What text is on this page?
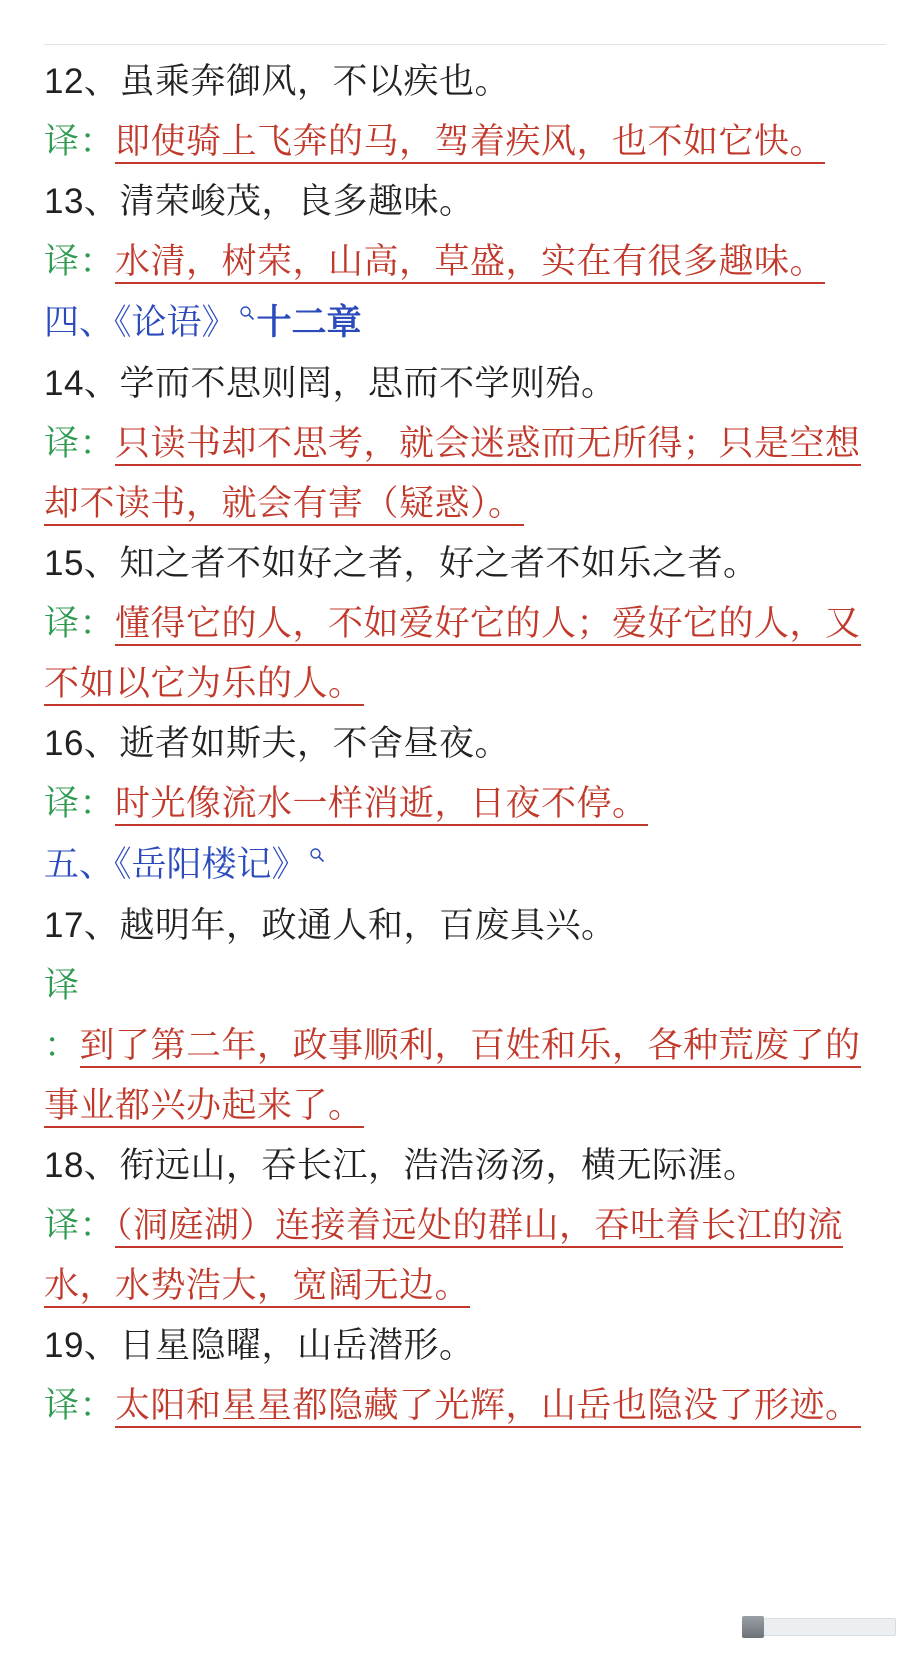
12、虽乘奔御风，不以疾也。
译：即使骑上飞奔的马，驾着疾风，也不如它快。
13、清荣峻茂，良多趣味。
译：水清，树荣，山高，草盛，实在有很多趣味。
四、《论语》 十二章
14、学而不思则罔，思而不学则殆。
译：只读书却不思考，就会迷惑而无所得；只是空想却不读书，就会有害（疑惑）。
15、知之者不如好之者，好之者不如乐之者。
译：懂得它的人，不如爱好它的人；爱好它的人，又不如以它为乐的人。
16、逝者如斯夫，不舍昼夜。
译：时光像流水一样消逝，日夜不停。
五、《岳阳楼记》
17、越明年，政通人和，百废具兴。
译
：到了第二年，政事顺利，百姓和乐，各种荒废了的事业都兴办起来了。
18、衔远山，吞长江，浩浩汤汤，横无际涯。
译：（洞庭湖）连接着远处的群山，吞吐着长江的流水，水势浩大，宽阔无边。
19、日星隐曜，山岳潜形。
译：太阳和星星都隐藏了光辉，山岳也隐没了形迹。
